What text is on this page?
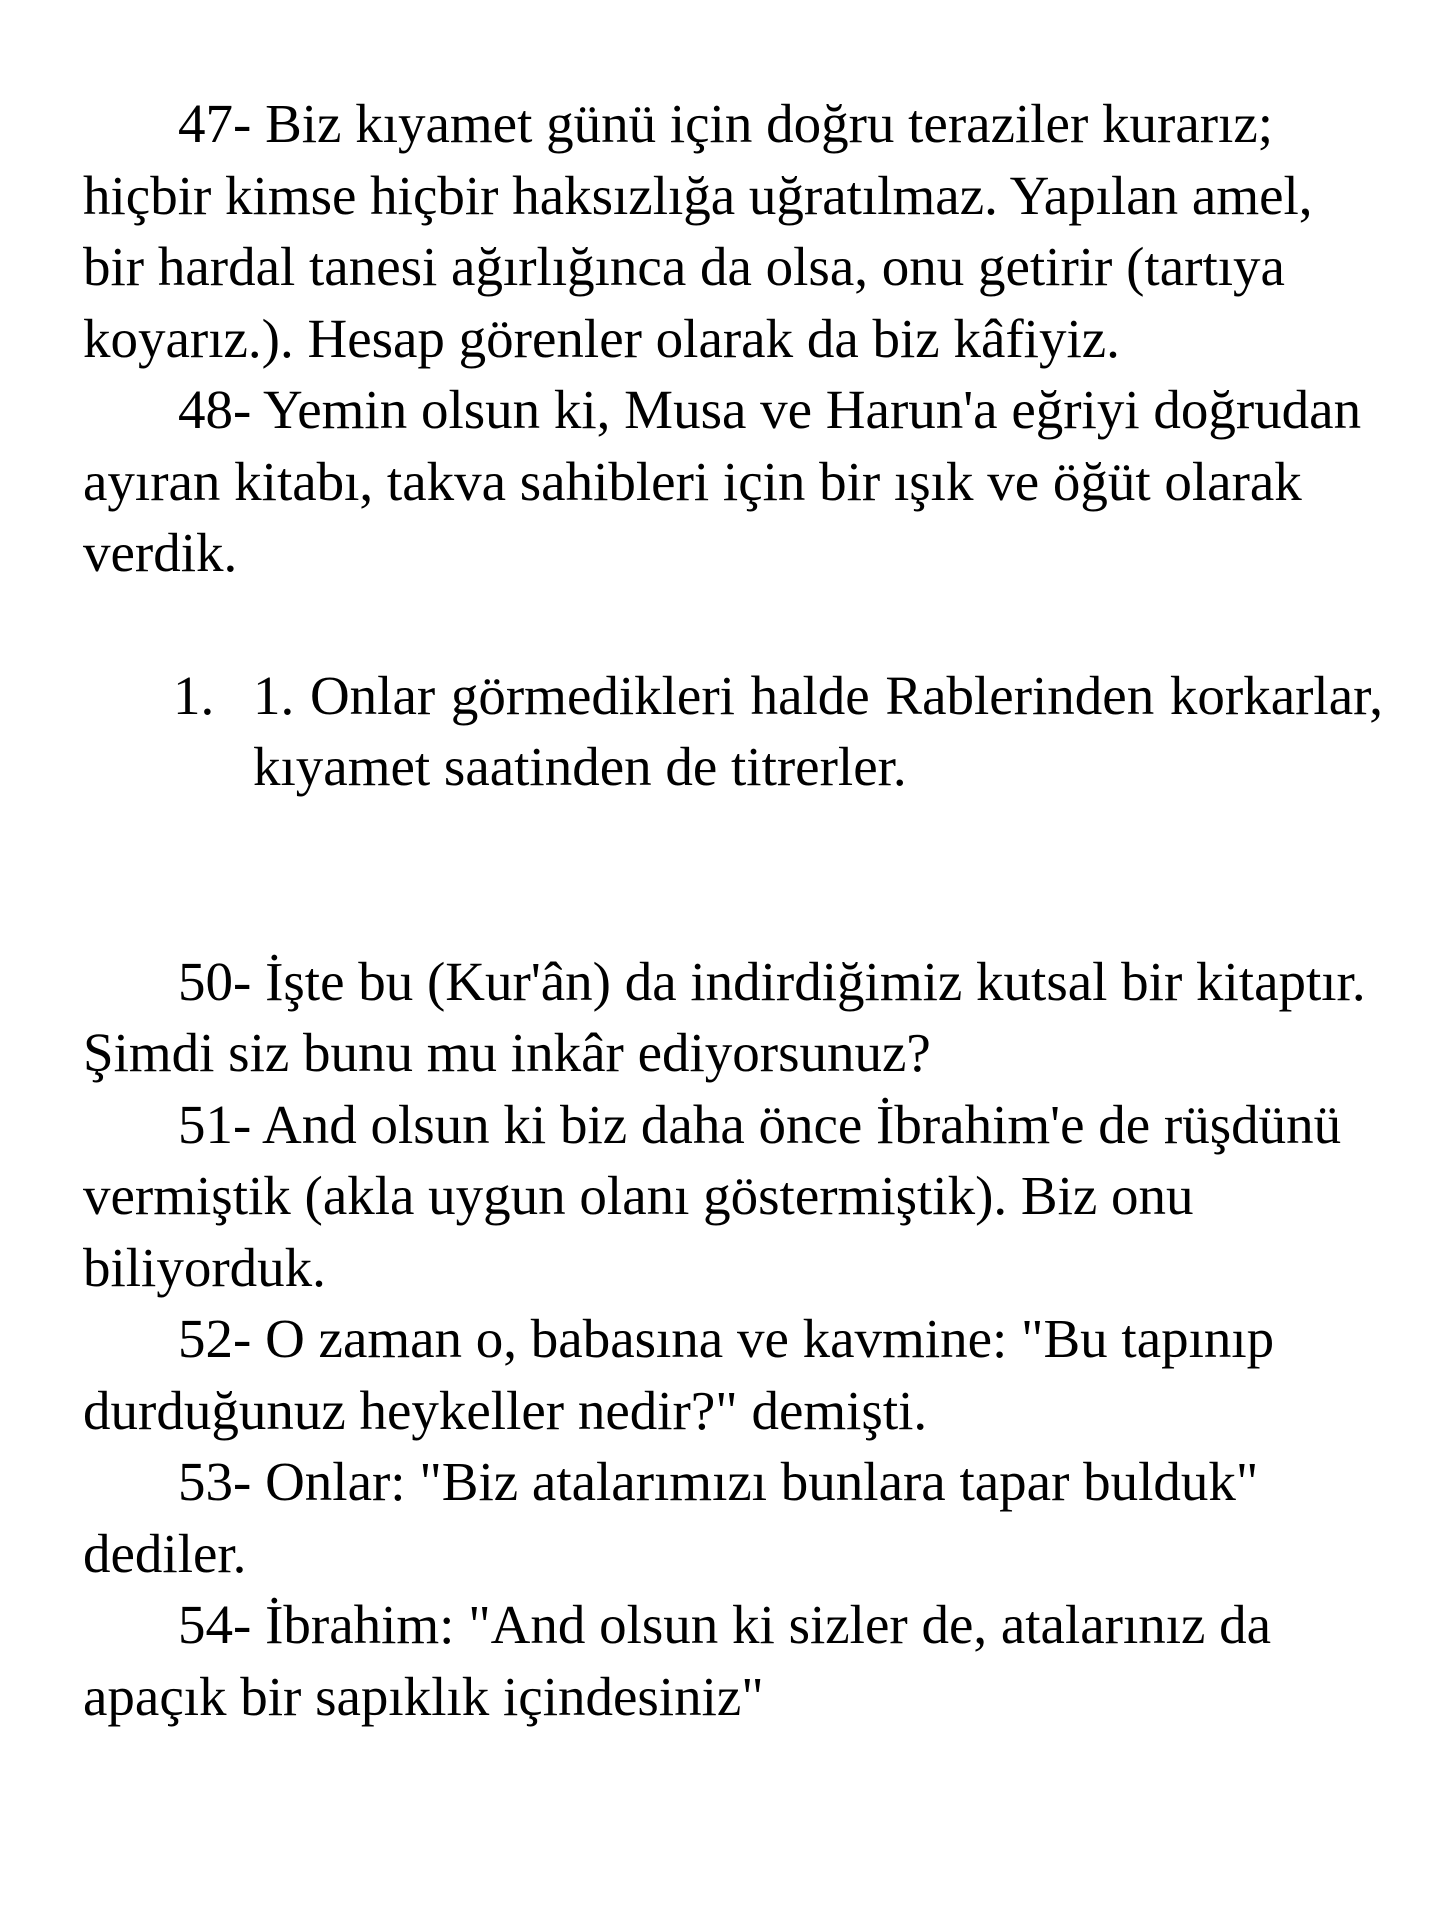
47- Biz kıyamet günü için doğru teraziler kurarız; hiçbir kimse hiçbir haksızlığa uğratılmaz. Yapılan amel, bir hardal tanesi ağırlığınca da olsa, onu getirir (tartıya koyarız.). Hesap görenler olarak da biz kâfiyiz.

48- Yemin olsun ki, Musa ve Harun'a eğriyi doğrudan ayıran kitabı, takva sahibleri için bir ışık ve öğüt olarak verdik.

1. 1. Onlar görmedikleri halde Rablerinden korkarlar, kıyamet saatinden de titrerler.

50- İşte bu (Kur'ân) da indirdiğimiz kutsal bir kitaptır. Şimdi siz bunu mu inkâr ediyorsunuz?

51- And olsun ki biz daha önce İbrahim'e de rüşdünü vermiştik (akla uygun olanı göstermiştik). Biz onu biliyorduk.

52- O zaman o, babasına ve kavmine: "Bu tapınıp durduğunuz heykeller nedir?" demişti.

53- Onlar: "Biz atalarımızı bunlara tapar bulduk" dediler.

54- İbrahim: "And olsun ki sizler de, atalarınız da apaçık bir sapıklık içindesiniz"
